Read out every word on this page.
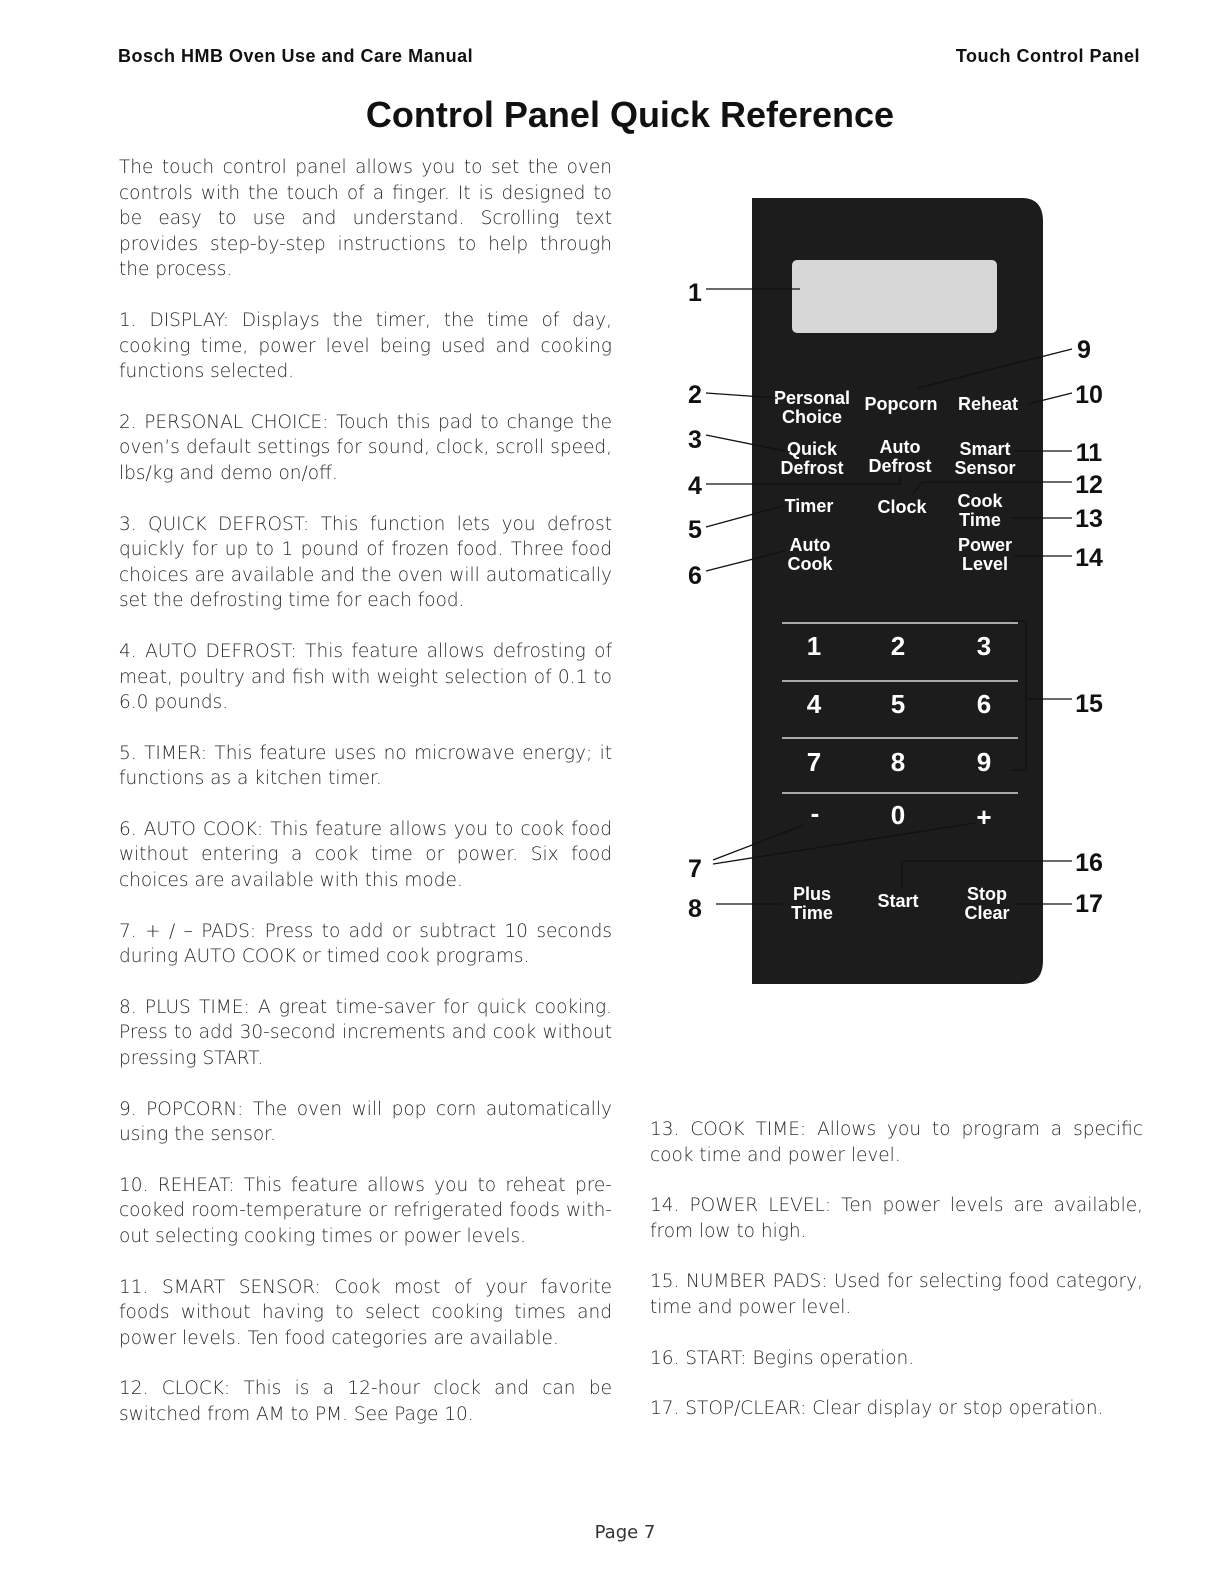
Bosch HMB Oven Use and Care Manual	Touch Control Panel
Control Panel Quick Reference

The touch control panel allows you to set the oven controls with the touch of a finger. It is designed to be easy to use and understand. Scrolling text provides step-by-step instructions to help through the process.

1. DISPLAY: Displays the timer, the time of day, cooking time, power level being used and cooking functions selected.

2. PERSONAL CHOICE: Touch this pad to change the oven’s default settings for sound, clock, scroll speed, lbs/kg and demo on/off.

3. QUICK DEFROST: This function lets you defrost quickly for up to 1 pound of frozen food. Three food choices are available and the oven will automatically set the defrosting time for each food.

4. AUTO DEFROST: This feature allows defrosting of meat, poultry and fish with weight selection of 0.1 to 6.0 pounds.

5. TIMER: This feature uses no microwave energy; it functions as a kitchen timer.

6. AUTO COOK: This feature allows you to cook food without entering a cook time or power. Six food choices are available with this mode.

7. + / – PADS: Press to add or subtract 10 seconds during AUTO COOK or timed cook programs.

8. PLUS TIME: A great time-saver for quick cooking. Press to add 30-second increments and cook without pressing START.

9. POPCORN: The oven will pop corn automatically using the sensor.

10. REHEAT: This feature allows you to reheat pre-cooked room-temperature or refrigerated foods with-out selecting cooking times or power levels.

11. SMART SENSOR: Cook most of your favorite foods without having to select cooking times and power levels. Ten food categories are available.

12. CLOCK: This is a 12-hour clock and can be switched from AM to PM. See Page 10.

13. COOK TIME: Allows you to program a specific cook time and power level.

14. POWER LEVEL: Ten power levels are available, from low to high.

15. NUMBER PADS: Used for selecting food category, time and power level.

16. START: Begins operation.

17. STOP/CLEAR: Clear display or stop operation.

Personal
Choice
Popcorn Reheat
Quick
Defrost
Auto
Defrost
Smart
Sensor
Timer Clock Cook
Time
Auto
Cook
Power
Level
1	2	3
4	5	6
7	8	9
-	0	+
Plus
Time
Start	Stop
Clear
1
2
3
4
5
6
7
8
9
10
11
12
13
14
15
16
17
Page 7
